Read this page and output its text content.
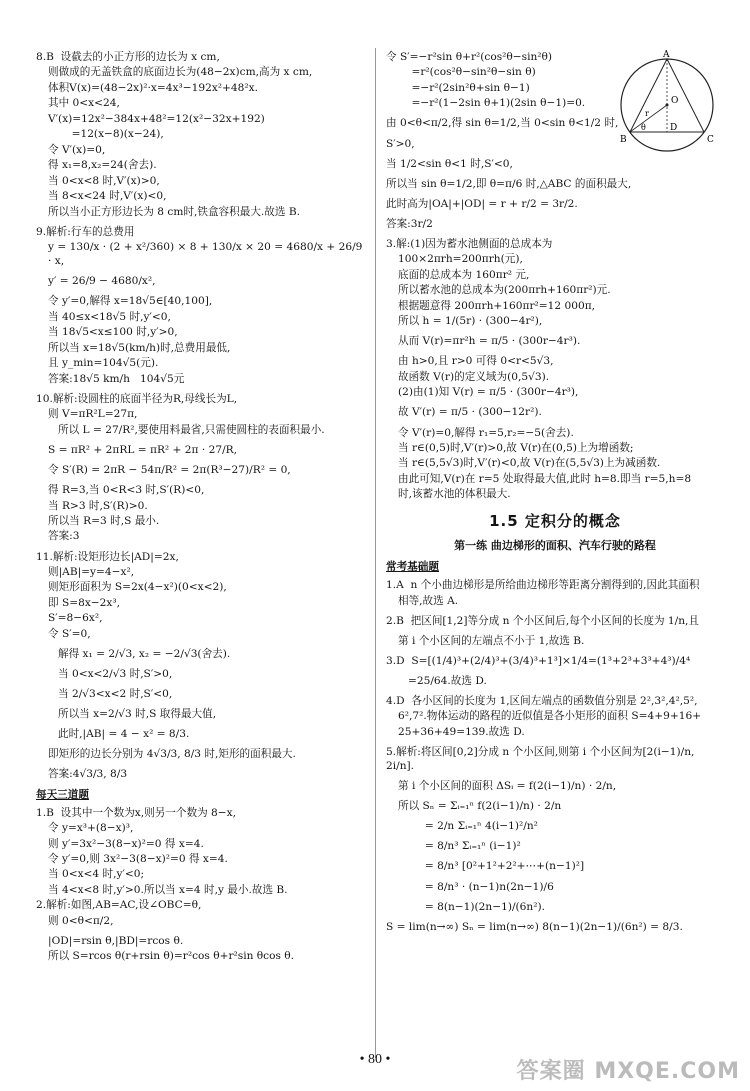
8.B  设截去的小正方形的边长为 x cm,
则做成的无盖铁盒的底面边长为(48−2x)cm,高为 x cm,
体积V(x)=(48−2x)²·x=4x³−192x²+48²x.
其中 0<x<24,
V′(x)=12x²−384x+48²=12(x²−32x+192)
=12(x−8)(x−24),
令 V′(x)=0,
得 x₁=8,x₂=24(舍去).
当 0<x<8 时,V′(x)>0,
当 8<x<24 时,V′(x)<0,
所以当小正方形边长为 8 cm时,铁盒容积最大.故选 B.
9.解析:行车的总费用
y = 130/x · (2 + x²/360) × 8 + 130/x × 20 = 4680/x + 26/9 · x,
y′ = 26/9 − 4680/x²,
令 y′=0,解得 x=18√5∈[40,100],
当 40≤x<18√5 时,y′<0,
当 18√5<x≤100 时,y′>0,
所以当 x=18√5(km/h)时,总费用最低,
且 y_min=104√5(元).
答案:18√5 km/h   104√5元
10.解析:设圆柱的底面半径为R,母线长为L,
则 V=πR²L=27π,
所以 L = 27/R²,要使用料最省,只需使圆柱的表面积最小.
S = πR² + 2πRL = πR² + 2π · 27/R,
令 S′(R) = 2πR − 54π/R² = 2π(R³−27)/R² = 0,
得 R=3,当 0<R<3 时,S′(R)<0,
当 R>3 时,S′(R)>0.
所以当 R=3 时,S 最小.
答案:3
11.解析:设矩形边长|AD|=2x,
则|AB|=y=4−x²,
则矩形面积为 S=2x(4−x²)(0<x<2),
即 S=8x−2x³,
S′=8−6x²,
令 S′=0,
解得 x₁ = 2/√3, x₂ = −2/√3(舍去).
当 0<x<2/√3 时,S′>0,
当 2/√3<x<2 时,S′<0,
所以当 x=2/√3 时,S 取得最大值,
此时,|AB| = 4 − x² = 8/3.
即矩形的边长分别为 4√3/3, 8/3 时,矩形的面积最大.
答案:4√3/3, 8/3
每天三道题
1.B  设其中一个数为x,则另一个数为 8−x,
令 y=x³+(8−x)³,
则 y′=3x²−3(8−x)²=0 得 x=4.
令 y′=0,则 3x²−3(8−x)²=0 得 x=4.
当 0<x<4 时,y′<0;
当 4<x<8 时,y′>0.所以当 x=4 时,y 最小.故选 B.
2.解析:如图,AB=AC,设∠OBC=θ,
则 0<θ<π/2,
|OD|=rsin θ,|BD|=rcos θ.
所以 S=rcos θ(r+rsin θ)=r²cos θ+r²sin θcos θ.
A
B	C
O
D
r
θ
令 S′=−r²sin θ+r²(cos²θ−sin²θ)
=r²(cos²θ−sin²θ−sin θ)
=−r²(2sin²θ+sin θ−1)
=−r²(1−2sin θ+1)(2sin θ−1)=0.
由 0<θ<π/2,得 sin θ=1/2,当 0<sin θ<1/2 时,
S′>0,
当 1/2<sin θ<1 时,S′<0,
所以当 sin θ=1/2,即 θ=π/6 时,△ABC 的面积最大,
此时高为|OA|+|OD| = r + r/2 = 3r/2.
答案:3r/2
3.解:(1)因为蓄水池侧面的总成本为
100×2πrh=200πrh(元),
底面的总成本为 160πr² 元,
所以蓄水池的总成本为(200πrh+160πr²)元.
根据题意得 200πrh+160πr²=12 000π,
所以 h = 1/(5r) · (300−4r²),
从而 V(r)=πr²h = π/5 · (300r−4r³).
由 h>0,且 r>0 可得 0<r<5√3,
故函数 V(r)的定义域为(0,5√3).
(2)由(1)知 V(r) = π/5 · (300r−4r³),
故 V′(r) = π/5 · (300−12r²).
令 V′(r)=0,解得 r₁=5,r₂=−5(舍去).
当 r∈(0,5)时,V′(r)>0,故 V(r)在(0,5)上为增函数;
当 r∈(5,5√3)时,V′(r)<0,故 V(r)在(5,5√3)上为减函数.
由此可知,V(r)在 r=5 处取得最大值,此时 h=8.即当 r=5,h=8
时,该蓄水池的体积最大.
1.5 定积分的概念
第一练 曲边梯形的面积、汽车行驶的路程
常考基础题
1.A  n 个小曲边梯形是所给曲边梯形等距离分割得到的,因此其面积
相等,故选 A.
2.B  把区间[1,2]等分成 n 个小区间后,每个小区间的长度为 1/n,且
第 i 个小区间的左端点不小于 1,故选 B.
3.D  S=[(1/4)³+(2/4)³+(3/4)³+1³]×1/4=(1³+2³+3³+4³)/4⁴
=25/64.故选 D.
4.D  各小区间的长度为 1,区间左端点的函数值分别是 2²,3²,4²,5²,
6²,7².物体运动的路程的近似值是各小矩形的面积 S=4+9+16+
25+36+49=139.故选 D.
5.解析:将区间[0,2]分成 n 个小区间,则第 i 个小区间为[2(i−1)/n, 2i/n].
第 i 个小区间的面积 ΔSᵢ = f(2(i−1)/n) · 2/n,
所以 Sₙ = Σᵢ₌₁ⁿ f(2(i−1)/n) · 2/n
= 2/n Σᵢ₌₁ⁿ 4(i−1)²/n²
= 8/n³ Σᵢ₌₁ⁿ (i−1)²
= 8/n³ [0²+1²+2²+⋯+(n−1)²]
= 8/n³ · (n−1)n(2n−1)/6
= 8(n−1)(2n−1)/(6n²).
S = lim(n→∞) Sₙ = lim(n→∞) 8(n−1)(2n−1)/(6n²) = 8/3.
• 80 •	答案圈 MXQE.COM
